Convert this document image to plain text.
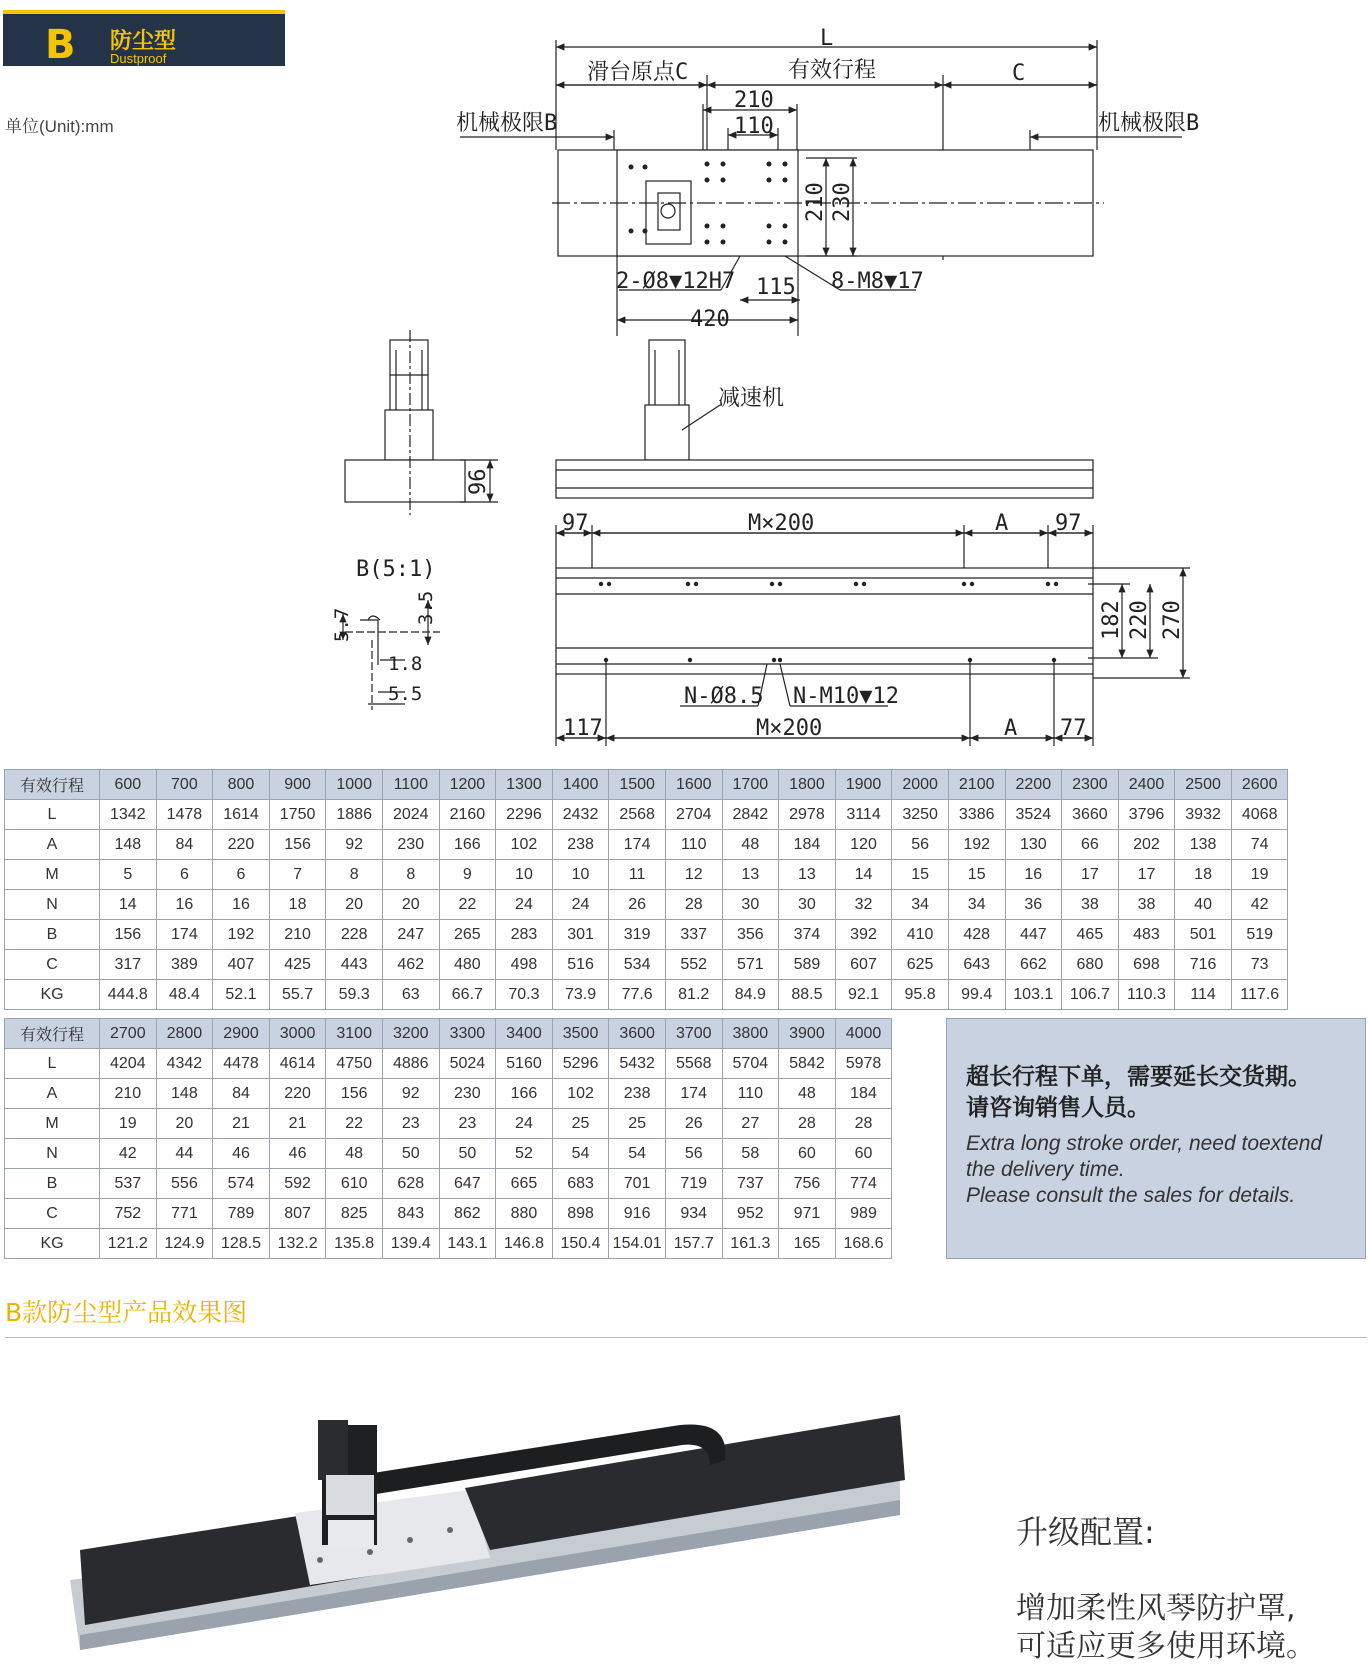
B 防尘型
Dustproof
单位(Unit):mm
L
滑台原点C	有效行程	C
机械极限B	机械极限B
210
110
210 230
2-Ø8▼12H7 115 8-M8▼17
420
减速机
96
B(5:1)
5.7	3.5
1.8
5.5
97	M×200	A 97
182 220 270
N-Ø8.5 N-M10▼12
117	M×200	A 77
有效行程	600	700	800	900	1000	1100	1200	1300	1400	1500	1600	1700	1800	1900	2000	2100	2200	2300	2400	2500	2600
L	1342	1478	1614	1750	1886	2024	2160	2296	2432	2568	2704	2842	2978	3114	3250	3386	3524	3660	3796	3932	4068
A	148	84	220	156	92	230	166	102	238	174	110	48	184	120	56	192	130	66	202	138	74
M	5	6	6	7	8	8	9	10	10	11	12	13	13	14	15	15	16	17	17	18	19
N	14	16	16	18	20	20	22	24	24	26	28	30	30	32	34	34	36	38	38	40	42
B	156	174	192	210	228	247	265	283	301	319	337	356	374	392	410	428	447	465	483	501	519
C	317	389	407	425	443	462	480	498	516	534	552	571	589	607	625	643	662	680	698	716	73
KG	444.8	48.4	52.1	55.7	59.3	63	66.7	70.3	73.9	77.6	81.2	84.9	88.5	92.1	95.8	99.4	103.1	106.7	110.3	114	117.6
有效行程	2700	2800	2900	3000	3100	3200	3300	3400	3500	3600	3700	3800	3900	4000
L	4204	4342	4478	4614	4750	4886	5024	5160	5296	5432	5568	5704	5842	5978
A	210	148	84	220	156	92	230	166	102	238	174	110	48	184
M	19	20	21	21	22	23	23	24	25	25	26	27	28	28
N	42	44	46	46	48	50	50	52	54	54	56	58	60	60
B	537	556	574	592	610	628	647	665	683	701	719	737	756	774
C	752	771	789	807	825	843	862	880	898	916	934	952	971	989
KG	121.2	124.9	128.5	132.2	135.8	139.4	143.1	146.8	150.4	154.01	157.7	161.3	165	168.6
超长行程下单，需要延长交货期。
请咨询销售人员。
Extra long stroke order, need toextend
the delivery time.
Please consult the sales for details.
B款防尘型产品效果图
升级配置:
增加柔性风琴防护罩,
可适应更多使用环境。
